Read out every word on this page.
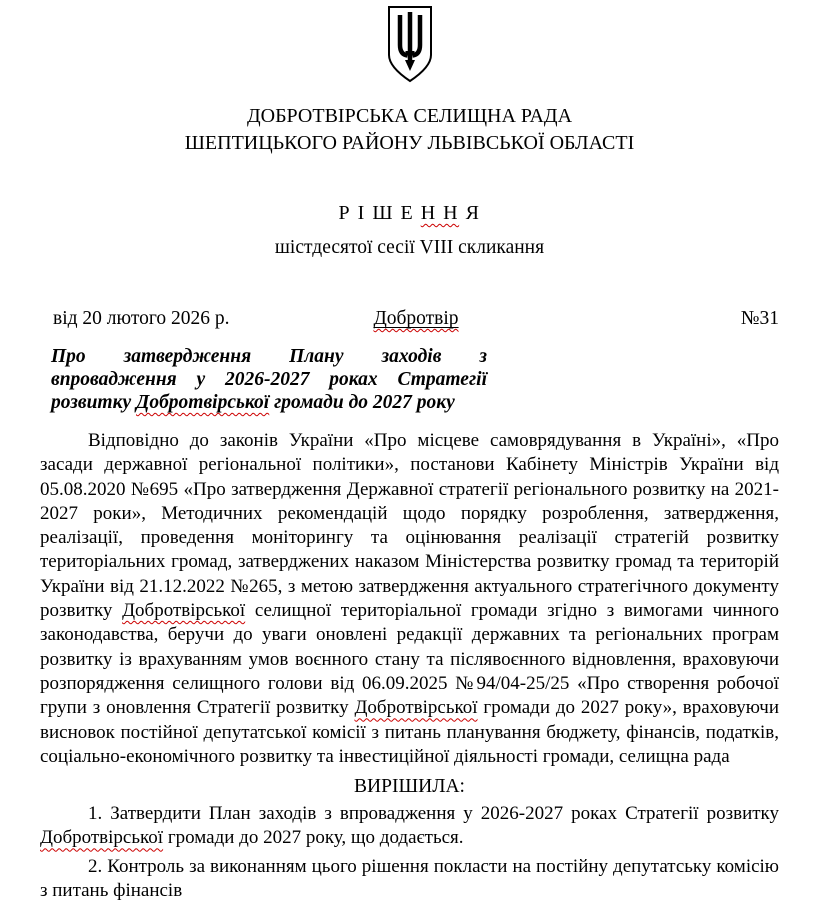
ДОБРОТВІРСЬКА СЕЛИЩНА РАДА
ШЕПТИЦЬКОГО РАЙОНУ ЛЬВІВСЬКОЇ ОБЛАСТІ
Р І Ш Е Н Н Я
шістдесятої сесії VIII скликання
від 20 лютого 2026 р.	Добротвір	№31
Про затвердження Плану заходів з
впровадження у 2026-2027 роках Стратегії
розвитку Добротвірської громади до 2027 року
Відповідно до законів України «Про місцеве самоврядування в Україні», «Про засади державної регіональної політики», постанови Кабінету Міністрів України від 05.08.2020 №695 «Про затвердження Державної стратегії регіонального розвитку на 2021-2027 роки», Методичних рекомендацій щодо порядку розроблення, затвердження, реалізації, проведення моніторингу та оцінювання реалізації стратегій розвитку територіальних громад, затверджених наказом Міністерства розвитку громад та територій України від 21.12.2022 №265, з метою затвердження актуального стратегічного документу розвитку Добротвірської селищної територіальної громади згідно з вимогами чинного законодавства, беручи до уваги оновлені редакції державних та регіональних програм розвитку із врахуванням умов воєнного стану та післявоєнного відновлення, враховуючи розпорядження селищного голови від 06.09.2025 №94/04-25/25 «Про створення робочої групи з оновлення Стратегії розвитку Добротвірської громади до 2027 року», враховуючи висновок постійної депутатської комісії з питань планування бюджету, фінансів, податків, соціально-економічного розвитку та інвестиційної діяльності громади, селищна рада
ВИРІШИЛА:
1. Затвердити План заходів з впровадження у 2026-2027 роках Стратегії розвитку Добротвірської громади до 2027 року, що додається.
2. Контроль за виконанням цього рішення покласти на постійну депутатську комісію з питань фінансів
